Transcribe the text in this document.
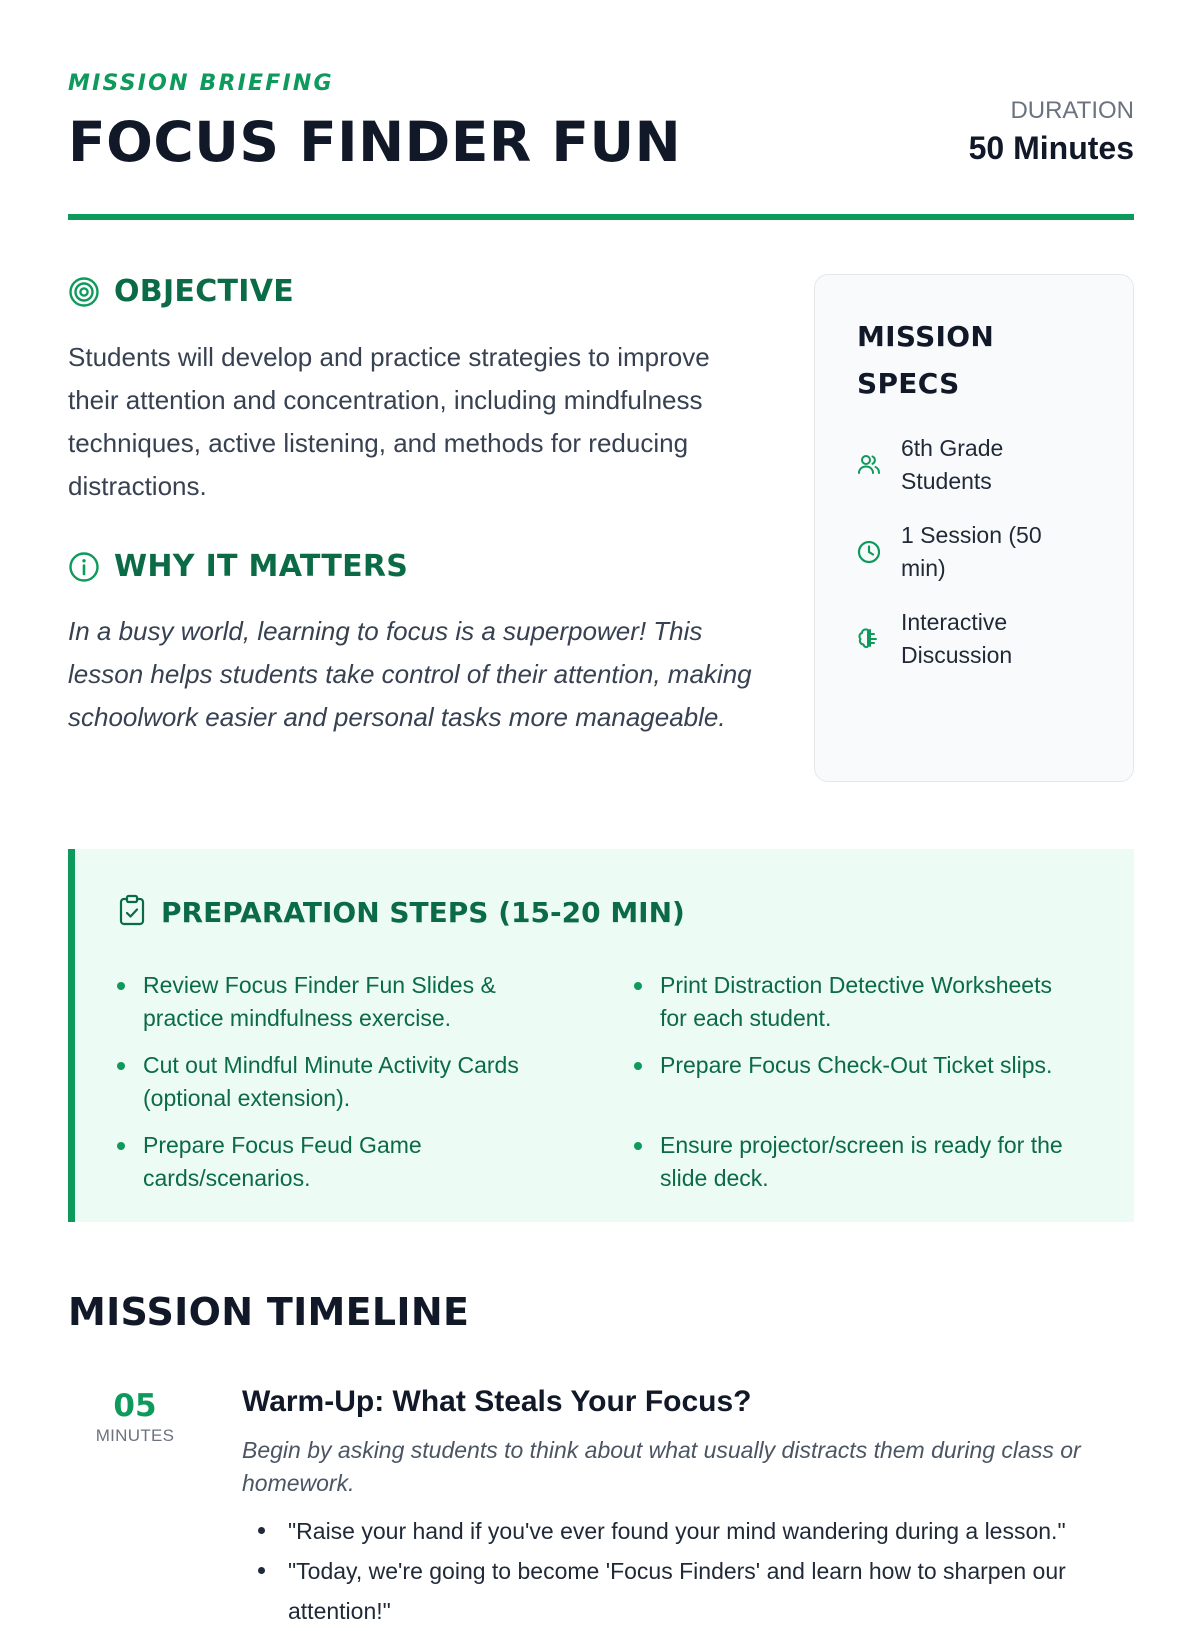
MISSION BRIEFING
FOCUS FINDER FUN	DURATION
50 Minutes
OBJECTIVE

Students will develop and practice strategies to improve their attention and concentration, including mindfulness techniques, active listening, and methods for reducing distractions.

WHY IT MATTERS

In a busy world, learning to focus is a superpower! This lesson helps students take control of their attention, making schoolwork easier and personal tasks more manageable.

MISSION SPECS
6th Grade Students
1 Session (50 min)
Interactive Discussion
PREPARATION STEPS (15-20 MIN)
Review Focus Finder Fun Slides & practice mindfulness exercise.
Print Distraction Detective Worksheets for each student.
Cut out Mindful Minute Activity Cards (optional extension).
Prepare Focus Check-Out Ticket slips.
Prepare Focus Feud Game cards/scenarios.
Ensure projector/screen is ready for the slide deck.
MISSION TIMELINE
05
MINUTES
Warm-Up: What Steals Your Focus?

Begin by asking students to think about what usually distracts them during class or homework.

"Raise your hand if you've ever found your mind wandering during a lesson."
"Today, we're going to become 'Focus Finders' and learn how to sharpen our attention!"
